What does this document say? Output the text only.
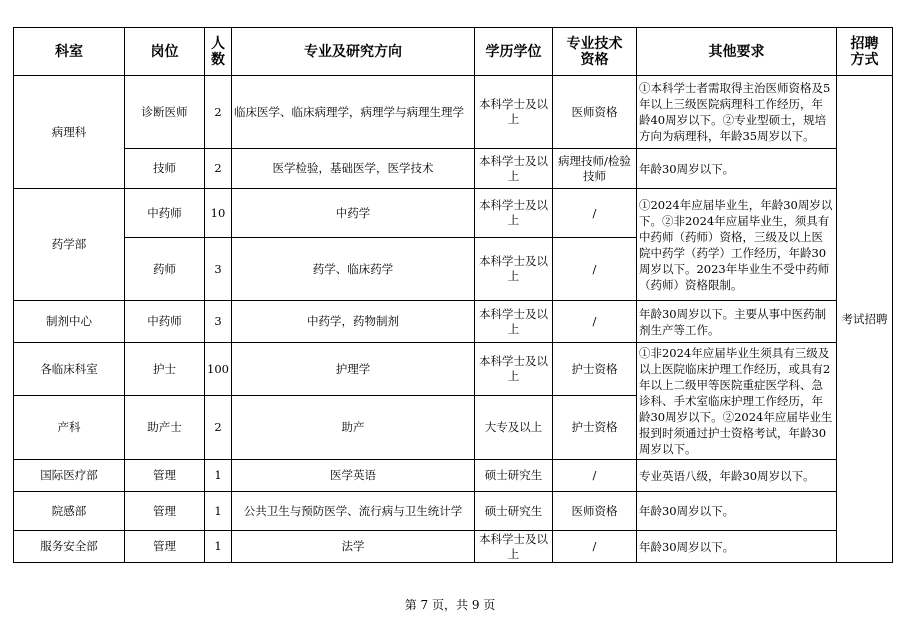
科室	岗位	人数	专业及研究方向	学历学位	专业技术资格	其他要求	招聘方式
病理科	诊断医师	2	临床医学、临床病理学，病理学与病理生理学	本科学士及以上	医师资格	①本科学士者需取得主治医师资格及5年以上三级医院病理科工作经历，年龄40周岁以下。②专业型硕士，规培方向为病理科，年龄35周岁以下。	考试招聘
	技师	2	医学检验，基础医学，医学技术	本科学士及以上	病理技师/检验技师	年龄30周岁以下。	
药学部	中药师	10	中药学	本科学士及以上	/	①2024年应届毕业生，年龄30周岁以下。②非2024年应届毕业生，须具有中药师（药师）资格，三级及以上医院中药学（药学）工作经历，年龄30周岁以下。2023年毕业生不受中药师（药师）资格限制。	
	药师	3	药学、临床药学	本科学士及以上	/		
制剂中心	中药师	3	中药学，药物制剂	本科学士及以上	/	年龄30周岁以下。主要从事中医药制剂生产等工作。	
各临床科室	护士	100	护理学	本科学士及以上	护士资格	①非2024年应届毕业生须具有三级及以上医院临床护理工作经历，或具有2年以上二级甲等医院重症医学科、急诊科、手术室临床护理工作经历，年龄30周岁以下。②2024年应届毕业生报到时须通过护士资格考试，年龄30周岁以下。	
产科	助产士	2	助产	大专及以上	护士资格		
国际医疗部	管理	1	医学英语	硕士研究生	/	专业英语八级，年龄30周岁以下。	
院感部	管理	1	公共卫生与预防医学、流行病与卫生统计学	硕士研究生	医师资格	年龄30周岁以下。	
服务安全部	管理	1	法学	本科学士及以上	/	年龄30周岁以下。	
第 7 页，共 9 页
